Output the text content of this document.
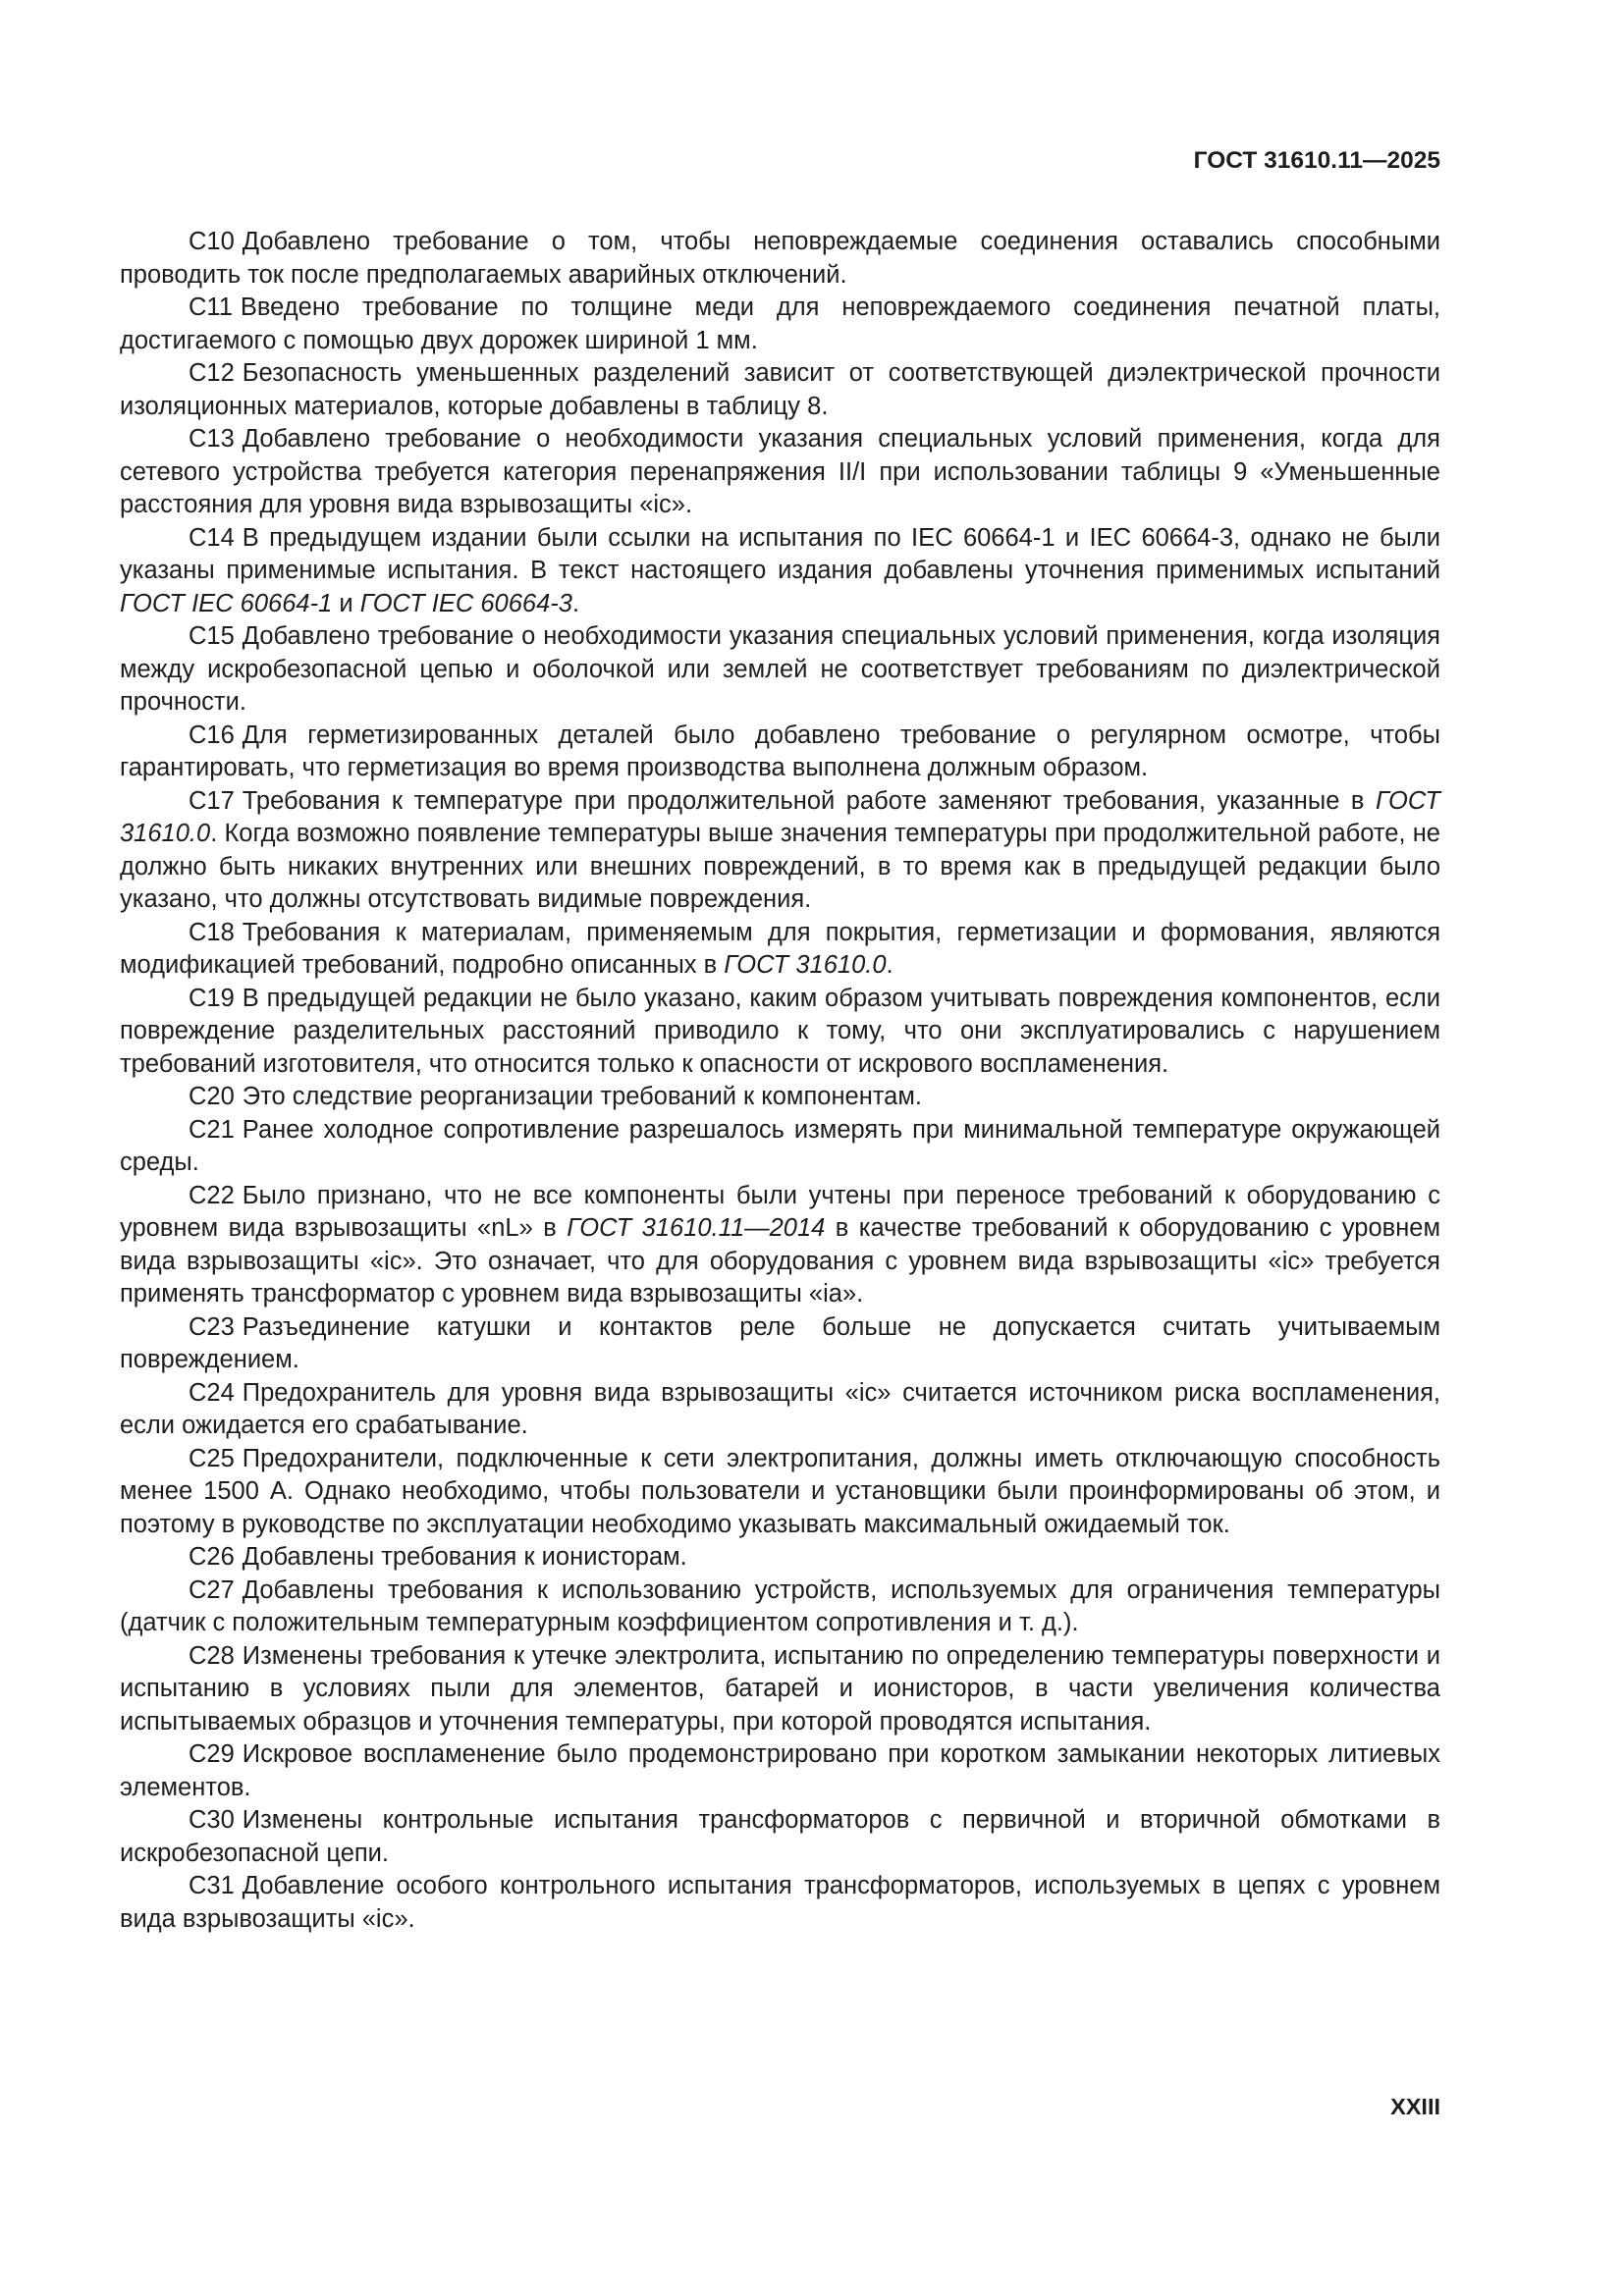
ГОСТ 31610.11—2025

С10 Добавлено требование о том, чтобы неповреждаемые соединения оставались способными проводить ток после предполагаемых аварийных отключений.

С11 Введено требование по толщине меди для неповреждаемого соединения печатной платы, достигаемого с помощью двух дорожек шириной 1 мм.

С12 Безопасность уменьшенных разделений зависит от соответствующей диэлектрической прочности изоляционных материалов, которые добавлены в таблицу 8.

С13 Добавлено требование о необходимости указания специальных условий применения, когда для сетевого устройства требуется категория перенапряжения II/I при использовании таблицы 9 «Уменьшенные расстояния для уровня вида взрывозащиты «ic».

С14 В предыдущем издании были ссылки на испытания по IEC 60664-1 и IEC 60664-3, однако не были указаны применимые испытания. В текст настоящего издания добавлены уточнения применимых испытаний ГОСТ IEC 60664-1 и ГОСТ IEC 60664-3.

С15 Добавлено требование о необходимости указания специальных условий применения, когда изоляция между искробезопасной цепью и оболочкой или землей не соответствует требованиям по диэлектрической прочности.

С16 Для герметизированных деталей было добавлено требование о регулярном осмотре, чтобы гарантировать, что герметизация во время производства выполнена должным образом.

С17 Требования к температуре при продолжительной работе заменяют требования, указанные в ГОСТ 31610.0. Когда возможно появление температуры выше значения температуры при продолжительной работе, не должно быть никаких внутренних или внешних повреждений, в то время как в предыдущей редакции было указано, что должны отсутствовать видимые повреждения.

С18 Требования к материалам, применяемым для покрытия, герметизации и формования, являются модификацией требований, подробно описанных в ГОСТ 31610.0.

С19 В предыдущей редакции не было указано, каким образом учитывать повреждения компонентов, если повреждение разделительных расстояний приводило к тому, что они эксплуатировались с нарушением требований изготовителя, что относится только к опасности от искрового воспламенения.

С20 Это следствие реорганизации требований к компонентам.

С21 Ранее холодное сопротивление разрешалось измерять при минимальной температуре окружающей среды.

С22 Было признано, что не все компоненты были учтены при переносе требований к оборудованию с уровнем вида взрывозащиты «nL» в ГОСТ 31610.11—2014 в качестве требований к оборудованию с уровнем вида взрывозащиты «ic». Это означает, что для оборудования с уровнем вида взрывозащиты «ic» требуется применять трансформатор с уровнем вида взрывозащиты «ia».

С23 Разъединение катушки и контактов реле больше не допускается считать учитываемым повреждением.

С24 Предохранитель для уровня вида взрывозащиты «ic» считается источником риска воспламенения, если ожидается его срабатывание.

С25 Предохранители, подключенные к сети электропитания, должны иметь отключающую способность менее 1500 А. Однако необходимо, чтобы пользователи и установщики были проинформированы об этом, и поэтому в руководстве по эксплуатации необходимо указывать максимальный ожидаемый ток.

С26 Добавлены требования к ионисторам.

С27 Добавлены требования к использованию устройств, используемых для ограничения температуры (датчик с положительным температурным коэффициентом сопротивления и т. д.).

С28 Изменены требования к утечке электролита, испытанию по определению температуры поверхности и испытанию в условиях пыли для элементов, батарей и ионисторов, в части увеличения количества испытываемых образцов и уточнения температуры, при которой проводятся испытания.

С29 Искровое воспламенение было продемонстрировано при коротком замыкании некоторых литиевых элементов.

С30 Изменены контрольные испытания трансформаторов с первичной и вторичной обмотками в искробезопасной цепи.

С31 Добавление особого контрольного испытания трансформаторов, используемых в цепях с уровнем вида взрывозащиты «ic».

XXIII
